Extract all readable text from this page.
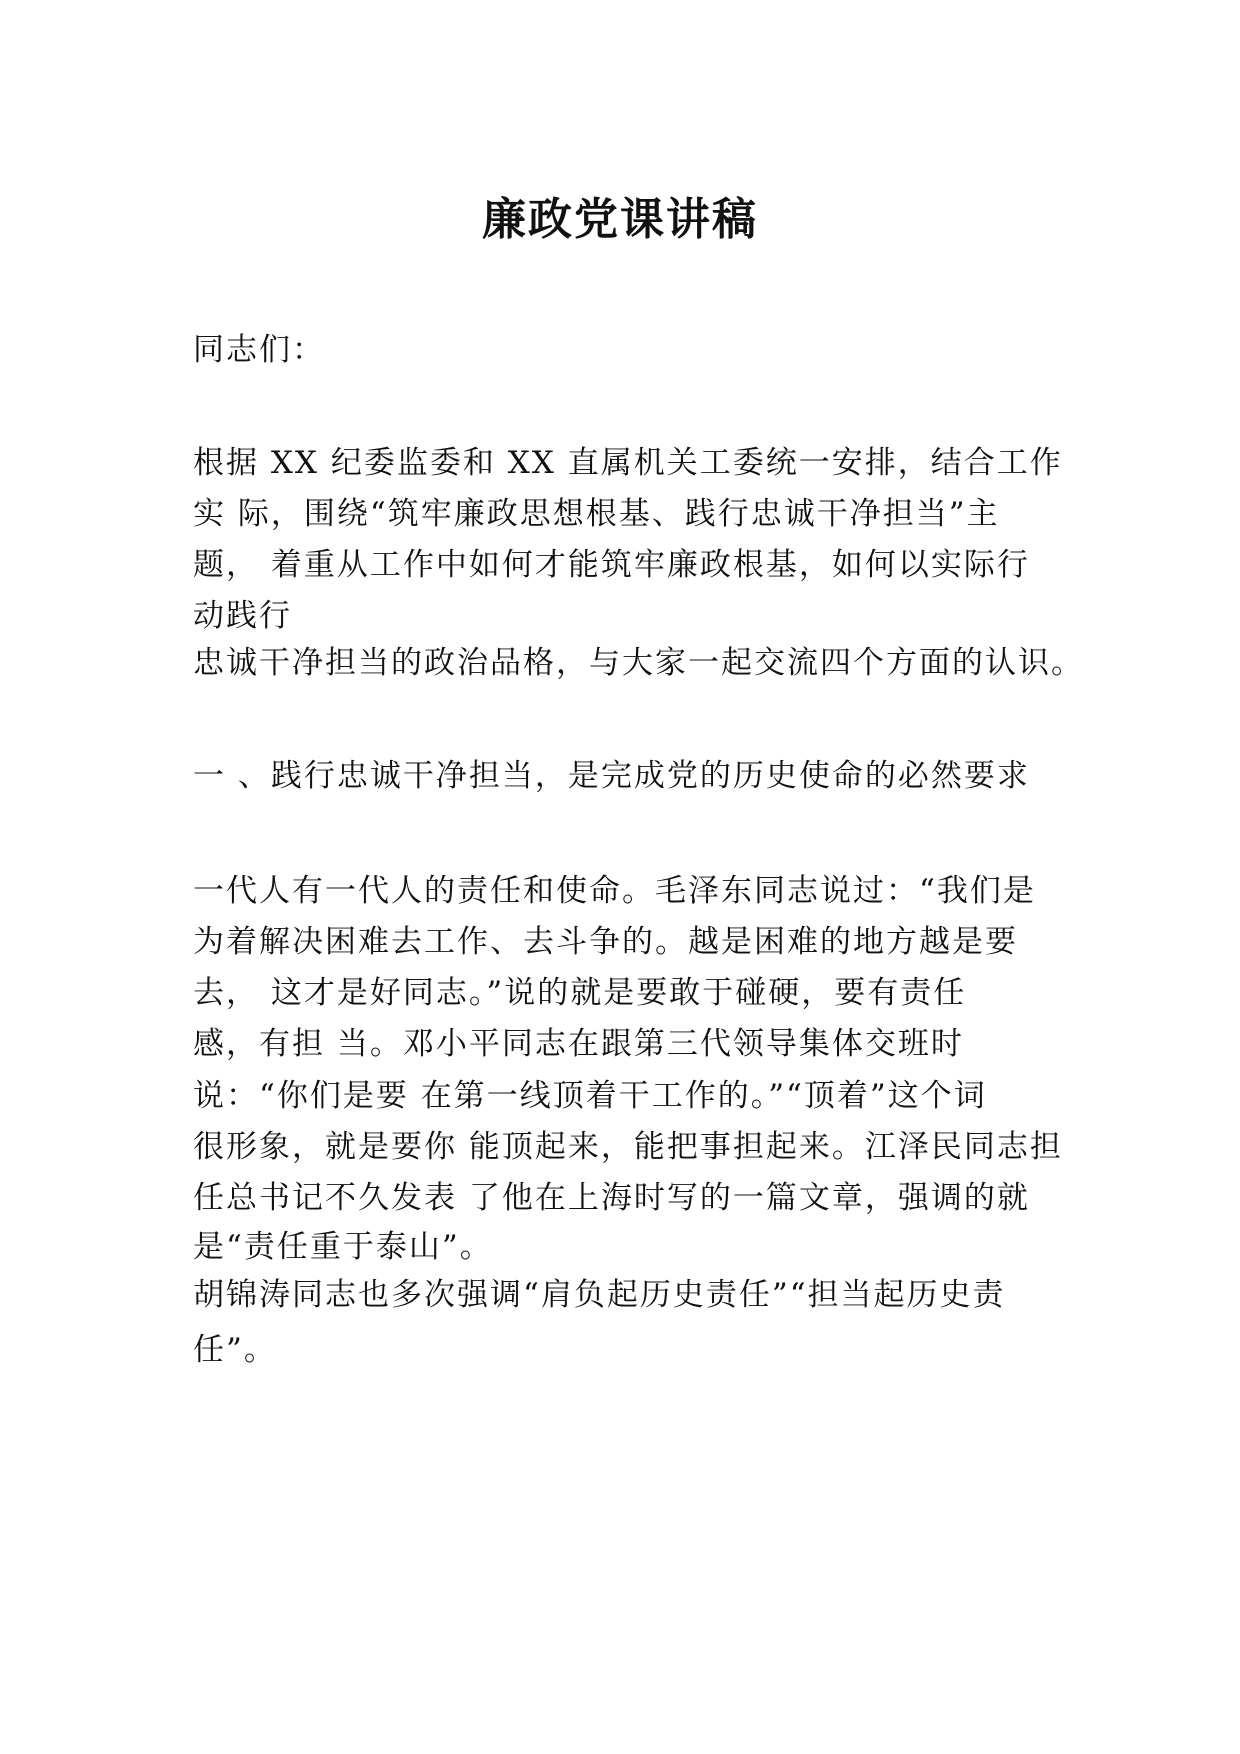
廉政党课讲稿

同志们：

根据 XX 纪委监委和 XX 直属机关工委统一安排，结合工作

实 际，围绕“筑牢廉政思想根基、践行忠诚干净担当”主

题， 着重从工作中如何才能筑牢廉政根基，如何以实际行

动践行

忠诚干净担当的政治品格，与大家一起交流四个方面的认识。

一 、践行忠诚干净担当，是完成党的历史使命的必然要求

一代人有一代人的责任和使命。毛泽东同志说过：“我们是

为着解决困难去工作、去斗争的。越是困难的地方越是要

去， 这才是好同志。”说的就是要敢于碰硬，要有责任

感，有担 当。邓小平同志在跟第三代领导集体交班时

说：“你们是要 在第一线顶着干工作的。”“顶着”这个词

很形象，就是要你 能顶起来，能把事担起来。江泽民同志担

任总书记不久发表 了他在上海时写的一篇文章，强调的就

是“责任重于泰山”。

胡锦涛同志也多次强调“肩负起历史责任”“担当起历史责

任”。
